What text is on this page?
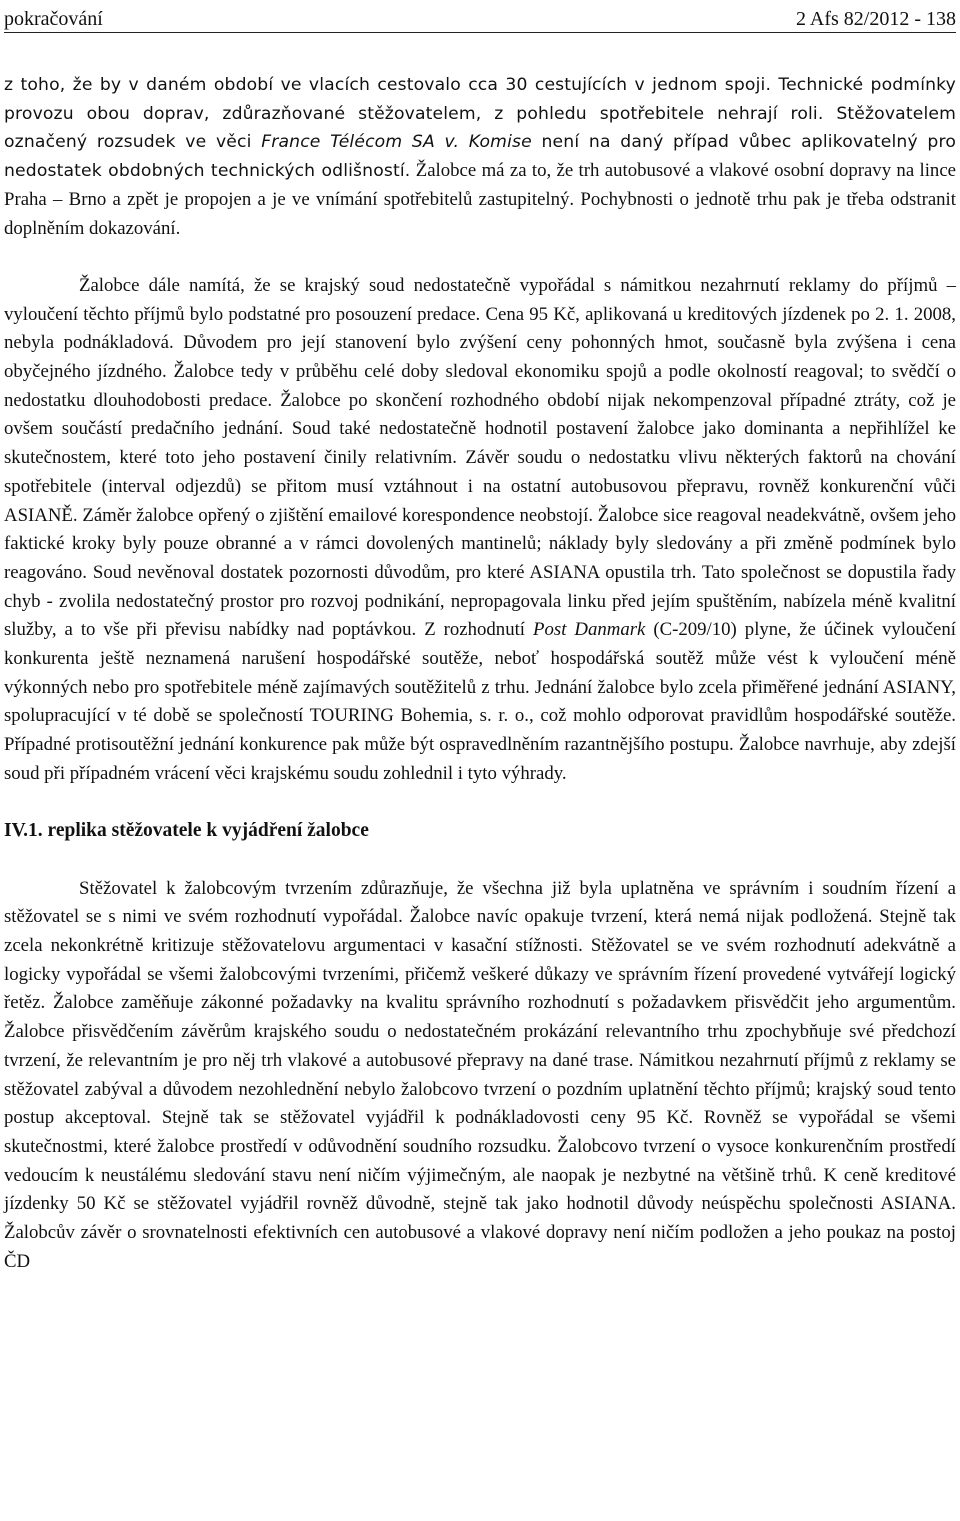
pokračování	2 Afs 82/2012 - 138

z toho, že by v daném období ve vlacích cestovalo cca 30 cestujících v jednom spoji. Technické podmínky provozu obou doprav, zdůrazňované stěžovatelem, z pohledu spotřebitele nehrají roli. Stěžovatelem označený rozsudek ve věci France Télécom SA v. Komise není na daný případ vůbec aplikovatelný pro nedostatek obdobných technických odlišností. Žalobce má za to, že trh autobusové a vlakové osobní dopravy na lince Praha – Brno a zpět je propojen a je ve vnímání spotřebitelů zastupitelný. Pochybnosti o jednotě trhu pak je třeba odstranit doplněním dokazování.

Žalobce dále namítá, že se krajský soud nedostatečně vypořádal s námitkou nezahrnutí reklamy do příjmů – vyloučení těchto příjmů bylo podstatné pro posouzení predace. Cena 95 Kč, aplikovaná u kreditových jízdenek po 2. 1. 2008, nebyla podnákladová. Důvodem pro její stanovení bylo zvýšení ceny pohonných hmot, současně byla zvýšena i cena obyčejného jízdného. Žalobce tedy v průběhu celé doby sledoval ekonomiku spojů a podle okolností reagoval; to svědčí o nedostatku dlouhodobosti predace. Žalobce po skončení rozhodného období nijak nekompenzoval případné ztráty, což je ovšem součástí predačního jednání. Soud také nedostatečně hodnotil postavení žalobce jako dominanta a nepřihlížel ke skutečnostem, které toto jeho postavení činily relativním. Závěr soudu o nedostatku vlivu některých faktorů na chování spotřebitele (interval odjezdů) se přitom musí vztáhnout i na ostatní autobusovou přepravu, rovněž konkurenční vůči ASIANĚ. Záměr žalobce opřený o zjištění emailové korespondence neobstojí. Žalobce sice reagoval neadekvátně, ovšem jeho faktické kroky byly pouze obranné a v rámci dovolených mantinelů; náklady byly sledovány a při změně podmínek bylo reagováno. Soud nevěnoval dostatek pozornosti důvodům, pro které ASIANA opustila trh. Tato společnost se dopustila řady chyb - zvolila nedostatečný prostor pro rozvoj podnikání, nepropagovala linku před jejím spuštěním, nabízela méně kvalitní služby, a to vše při převisu nabídky nad poptávkou. Z rozhodnutí Post Danmark (C-209/10) plyne, že účinek vyloučení konkurenta ještě neznamená narušení hospodářské soutěže, neboť hospodářská soutěž může vést k vyloučení méně výkonných nebo pro spotřebitele méně zajímavých soutěžitelů z trhu. Jednání žalobce bylo zcela přiměřené jednání ASIANY, spolupracující v té době se společností TOURING Bohemia, s. r. o., což mohlo odporovat pravidlům hospodářské soutěže. Případné protisoutěžní jednání konkurence pak může být ospravedlněním razantnějšího postupu. Žalobce navrhuje, aby zdejší soud při případném vrácení věci krajskému soudu zohlednil i tyto výhrady.

IV.1. replika stěžovatele k vyjádření žalobce

Stěžovatel k žalobcovým tvrzením zdůrazňuje, že všechna již byla uplatněna ve správním i soudním řízení a stěžovatel se s nimi ve svém rozhodnutí vypořádal. Žalobce navíc opakuje tvrzení, která nemá nijak podložená. Stejně tak zcela nekonkrétně kritizuje stěžovatelovu argumentaci v kasační stížnosti. Stěžovatel se ve svém rozhodnutí adekvátně a logicky vypořádal se všemi žalobcovými tvrzeními, přičemž veškeré důkazy ve správním řízení provedené vytvářejí logický řetěz. Žalobce zaměňuje zákonné požadavky na kvalitu správního rozhodnutí s požadavkem přisvědčit jeho argumentům. Žalobce přisvědčením závěrům krajského soudu o nedostatečném prokázání relevantního trhu zpochybňuje své předchozí tvrzení, že relevantním je pro něj trh vlakové a autobusové přepravy na dané trase. Námitkou nezahrnutí příjmů z reklamy se stěžovatel zabýval a důvodem nezohlednění nebylo žalobcovo tvrzení o pozdním uplatnění těchto příjmů; krajský soud tento postup akceptoval. Stejně tak se stěžovatel vyjádřil k podnákladovosti ceny 95 Kč. Rovněž se vypořádal se všemi skutečnostmi, které žalobce prostředí v odůvodnění soudního rozsudku. Žalobcovo tvrzení o vysoce konkurenčním prostředí vedoucím k neustálému sledování stavu není ničím výjimečným, ale naopak je nezbytné na většině trhů. K ceně kreditové jízdenky 50 Kč se stěžovatel vyjádřil rovněž důvodně, stejně tak jako hodnotil důvody neúspěchu společnosti ASIANA. Žalobcův závěr o srovnatelnosti efektivních cen autobusové a vlakové dopravy není ničím podložen a jeho poukaz na postoj ČD
